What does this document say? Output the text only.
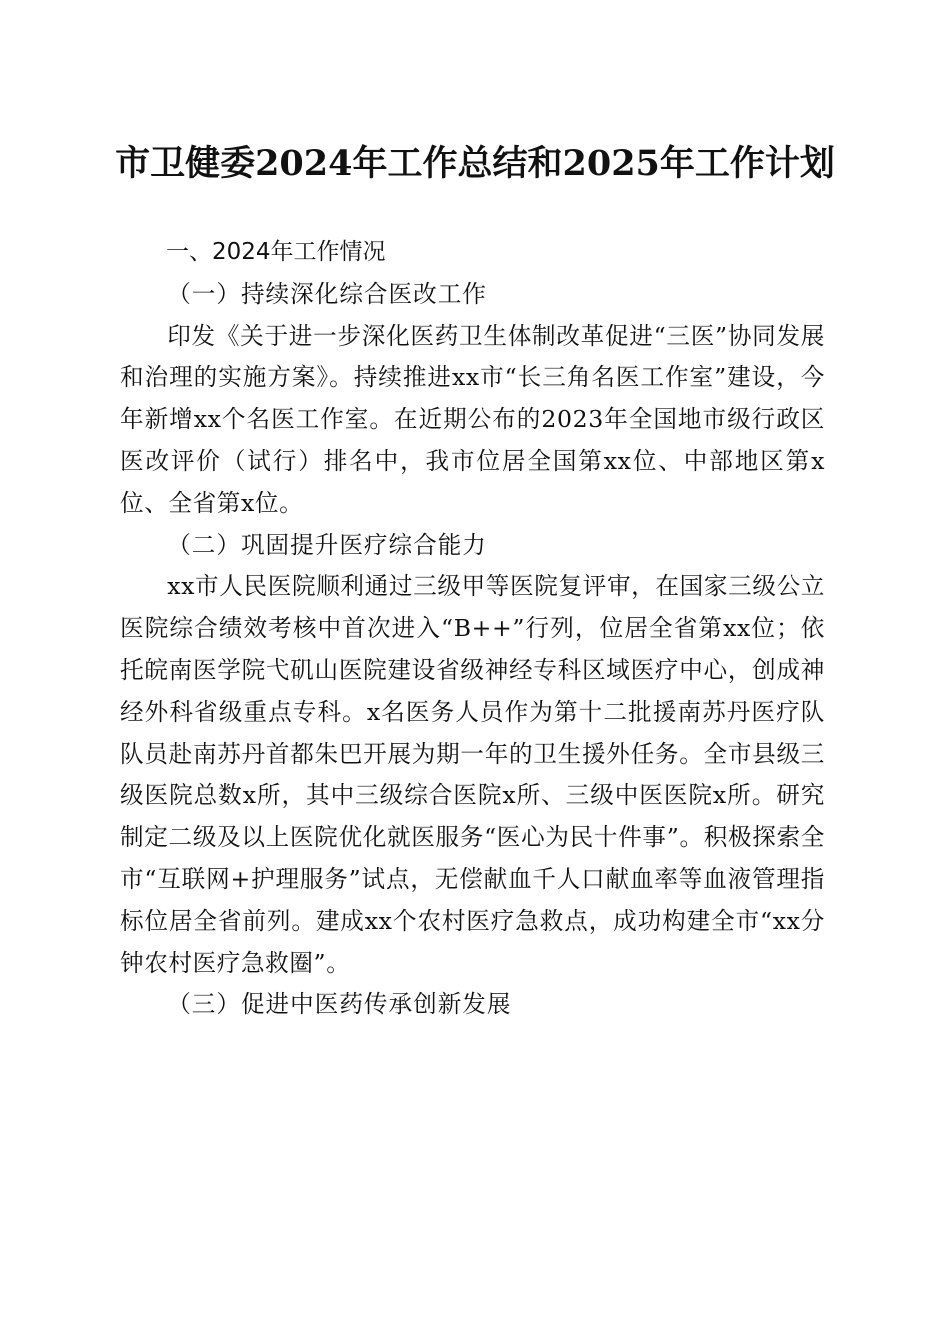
市卫健委2024年工作总结和2025年工作计划

一、2024年工作情况

（一）持续深化综合医改工作

印发《关于进一步深化医药卫生体制改革促进“三医”协同发展和治理的实施方案》。持续推进xx市“长三角名医工作室”建设，今年新增xx个名医工作室。在近期公布的2023年全国地市级行政区医改评价（试行）排名中，我市位居全国第xx位、中部地区第x位、全省第x位。

（二）巩固提升医疗综合能力

xx市人民医院顺利通过三级甲等医院复评审，在国家三级公立医院综合绩效考核中首次进入“B++”行列，位居全省第xx位；依托皖南医学院弋矶山医院建设省级神经专科区域医疗中心，创成神经外科省级重点专科。x名医务人员作为第十二批援南苏丹医疗队队员赴南苏丹首都朱巴开展为期一年的卫生援外任务。全市县级三级医院总数x所，其中三级综合医院x所、三级中医医院x所。研究制定二级及以上医院优化就医服务“医心为民十件事”。积极探索全市“互联网+护理服务”试点，无偿献血千人口献血率等血液管理指标位居全省前列。建成xx个农村医疗急救点，成功构建全市“xx分钟农村医疗急救圈”。

（三）促进中医药传承创新发展
